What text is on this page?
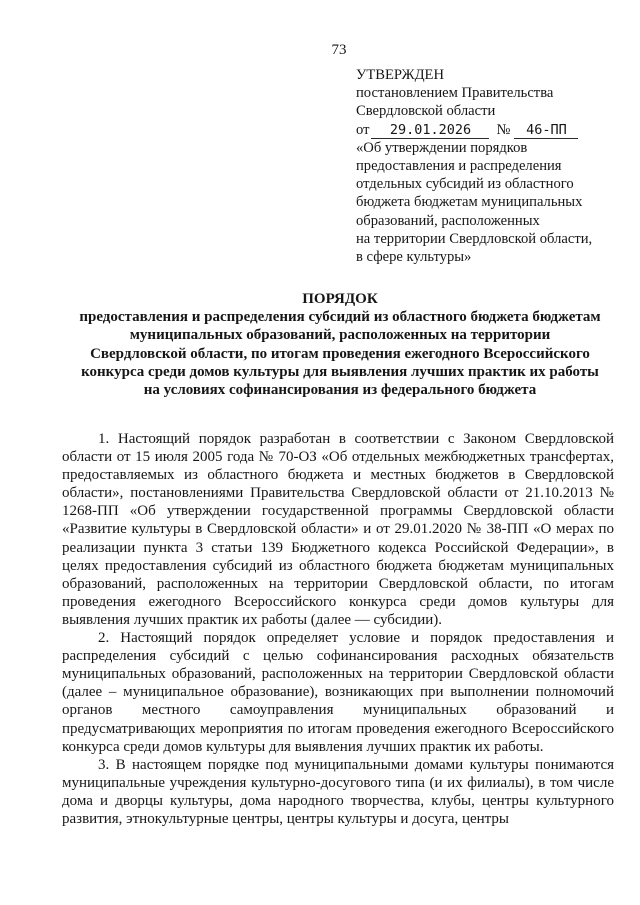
73
УТВЕРЖДЕН
постановлением Правительства
Свердловской области
от 29.01.2026 № 46-ПП
«Об утверждении порядков
предоставления и распределения
отдельных субсидий из областного
бюджета бюджетам муниципальных
образований, расположенных
на территории Свердловской области,
в сфере культуры»
ПОРЯДОК
предоставления и распределения субсидий из областного бюджета бюджетам
муниципальных образований, расположенных на территории
Свердловской области, по итогам проведения ежегодного Всероссийского
конкурса среди домов культуры для выявления лучших практик их работы
на условиях софинансирования из федерального бюджета

1. Настоящий порядок разработан в соответствии с Законом Свердловской области от 15 июля 2005 года № 70-ОЗ «Об отдельных межбюджетных трансфертах, предоставляемых из областного бюджета и местных бюджетов в Свердловской области», постановлениями Правительства Свердловской области от 21.10.2013 № 1268-ПП «Об утверждении государственной программы Свердловской области «Развитие культуры в Свердловской области» и от 29.01.2020 № 38-ПП «О мерах по реализации пункта 3 статьи 139 Бюджетного кодекса Российской Федерации», в целях предоставления субсидий из областного бюджета бюджетам муниципальных образований, расположенных на территории Свердловской области, по итогам проведения ежегодного Всероссийского конкурса среди домов культуры для выявления лучших практик их работы (далее — субсидии).

2. Настоящий порядок определяет условие и порядок предоставления и распределения субсидий с целью софинансирования расходных обязательств муниципальных образований, расположенных на территории Свердловской области (далее – муниципальное образование), возникающих при выполнении полномочий органов местного самоуправления муниципальных образований и предусматривающих мероприятия по итогам проведения ежегодного Всероссийского конкурса среди домов культуры для выявления лучших практик их работы.

3. В настоящем порядке под муниципальными домами культуры понимаются муниципальные учреждения культурно-досугового типа (и их филиалы), в том числе дома и дворцы культуры, дома народного творчества, клубы, центры культурного развития, этнокультурные центры, центры культуры и досуга, центры
